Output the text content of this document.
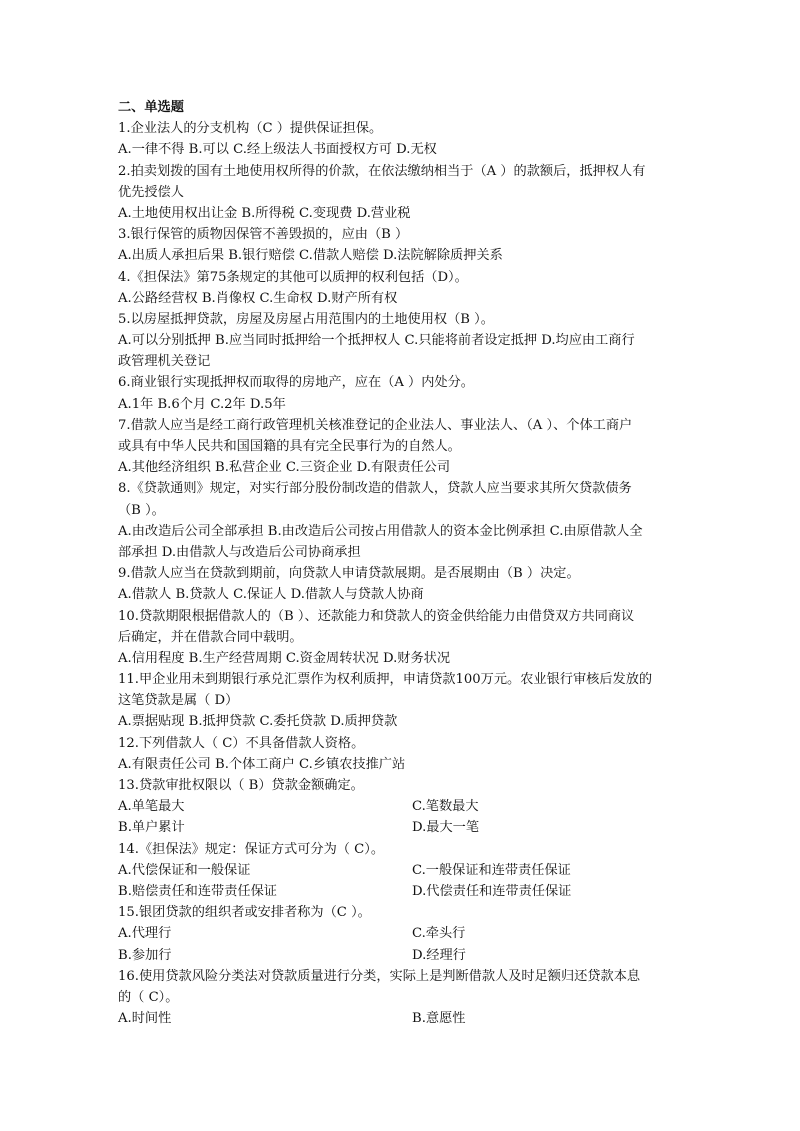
二、单选题
1.企业法人的分支机构（C ）提供保证担保。
A.一律不得 B.可以 C.经上级法人书面授权方可 D.无权
2.拍卖划拨的国有土地使用权所得的价款，在依法缴纳相当于（A ）的款额后，抵押权人有
优先授偿人
A.土地使用权出让金 B.所得税 C.变现费 D.营业税
3.银行保管的质物因保管不善毁损的，应由（B ）
A.出质人承担后果 B.银行赔偿 C.借款人赔偿 D.法院解除质押关系
4.《担保法》第75条规定的其他可以质押的权利包括（D）。
A.公路经营权 B.肖像权 C.生命权 D.财产所有权
5.以房屋抵押贷款，房屋及房屋占用范围内的土地使用权（B ）。
A.可以分别抵押 B.应当同时抵押给一个抵押权人 C.只能将前者设定抵押 D.均应由工商行
政管理机关登记
6.商业银行实现抵押权而取得的房地产，应在（A ）内处分。
A.1年 B.6个月 C.2年 D.5年
7.借款人应当是经工商行政管理机关核准登记的企业法人、事业法人、（A ）、个体工商户
或具有中华人民共和国国籍的具有完全民事行为的自然人。
A.其他经济组织 B.私营企业 C.三资企业 D.有限责任公司
8.《贷款通则》规定，对实行部分股份制改造的借款人，贷款人应当要求其所欠贷款债务
（B ）。
A.由改造后公司全部承担 B.由改造后公司按占用借款人的资本金比例承担 C.由原借款人全
部承担 D.由借款人与改造后公司协商承担
9.借款人应当在贷款到期前，向贷款人申请贷款展期。是否展期由（B ）决定。
A.借款人 B.贷款人 C.保证人 D.借款人与贷款人协商
10.贷款期限根据借款人的（B ）、还款能力和贷款人的资金供给能力由借贷双方共同商议
后确定，并在借款合同中载明。
A.信用程度 B.生产经营周期 C.资金周转状况 D.财务状况
11.甲企业用未到期银行承兑汇票作为权利质押，申请贷款100万元。农业银行审核后发放的
这笔贷款是属（ D）
A.票据贴现 B.抵押贷款 C.委托贷款 D.质押贷款
12.下列借款人（ C）不具备借款人资格。
A.有限责任公司 B.个体工商户 C.乡镇农技推广站
13.贷款审批权限以（ B）贷款金额确定。
A.单笔最大	C.笔数最大
B.单户累计	D.最大一笔
14.《担保法》规定：保证方式可分为（ C）。
A.代偿保证和一般保证	C.一般保证和连带责任保证
B.赔偿责任和连带责任保证	D.代偿责任和连带责任保证
15.银团贷款的组织者或安排者称为（C ）。
A.代理行	C.牵头行
B.参加行	D.经理行
16.使用贷款风险分类法对贷款质量进行分类，实际上是判断借款人及时足额归还贷款本息
的（ C）。
A.时间性	B.意愿性
